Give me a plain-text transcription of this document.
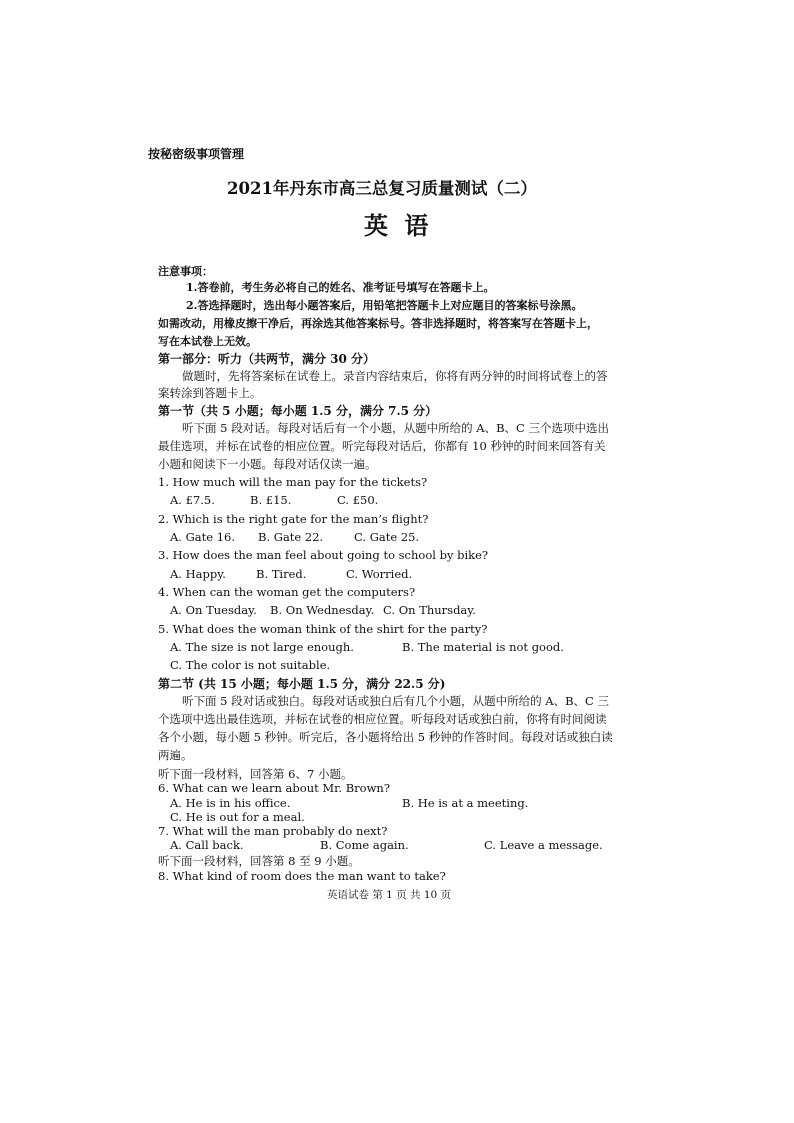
按秘密级事项管理
2021年丹东市高三总复习质量测试（二）
英 语
注意事项：
1.答卷前，考生务必将自己的姓名、准考证号填写在答题卡上。
2.答选择题时，选出每小题答案后，用铅笔把答题卡上对应题目的答案标号涂黑。
如需改动，用橡皮擦干净后，再涂选其他答案标号。答非选择题时，将答案写在答题卡上，
写在本试卷上无效。
第一部分：听力（共两节，满分 30 分）
做题时，先将答案标在试卷上。录音内容结束后，你将有两分钟的时间将试卷上的答
案转涂到答题卡上。
第一节（共 5 小题；每小题 1.5 分，满分 7.5 分）
听下面 5 段对话。每段对话后有一个小题，从题中所给的 A、B、C 三个选项中选出
最佳选项，并标在试卷的相应位置。听完每段对话后，你都有 10 秒钟的时间来回答有关
小题和阅读下一小题。每段对话仅读一遍。
1. How much will the man pay for the tickets?
A. £7.5.	B. £15.	C. £50.
2. Which is the right gate for the man’s flight?
A. Gate 16. B. Gate 22.	C. Gate 25.
3. How does the man feel about going to school by bike?
A. Happy.	B. Tired.	C. Worried.
4. When can the woman get the computers?
A. On Tuesday. B. On Wednesday. C. On Thursday.
5. What does the woman think of the shirt for the party?
A. The size is not large enough.	B. The material is not good.
C. The color is not suitable.
第二节 (共 15 小题；每小题 1.5 分，满分 22.5 分)
听下面 5 段对话或独白。每段对话或独白后有几个小题，从题中所给的 A、B、C 三
个选项中选出最佳选项，并标在试卷的相应位置。听每段对话或独白前，你将有时间阅读
各个小题，每小题 5 秒钟。听完后，各小题将给出 5 秒钟的作答时间。每段对话或独白读
两遍。
听下面一段材料，回答第 6、7 小题。
6. What can we learn about Mr. Brown?
A. He is in his office.	B. He is at a meeting.
C. He is out for a meal.
7. What will the man probably do next?
A. Call back.	B. Come again.	C. Leave a message.
听下面一段材料，回答第 8 至 9 小题。
8. What kind of room does the man want to take?
英语试卷 第 1 页 共 10 页
